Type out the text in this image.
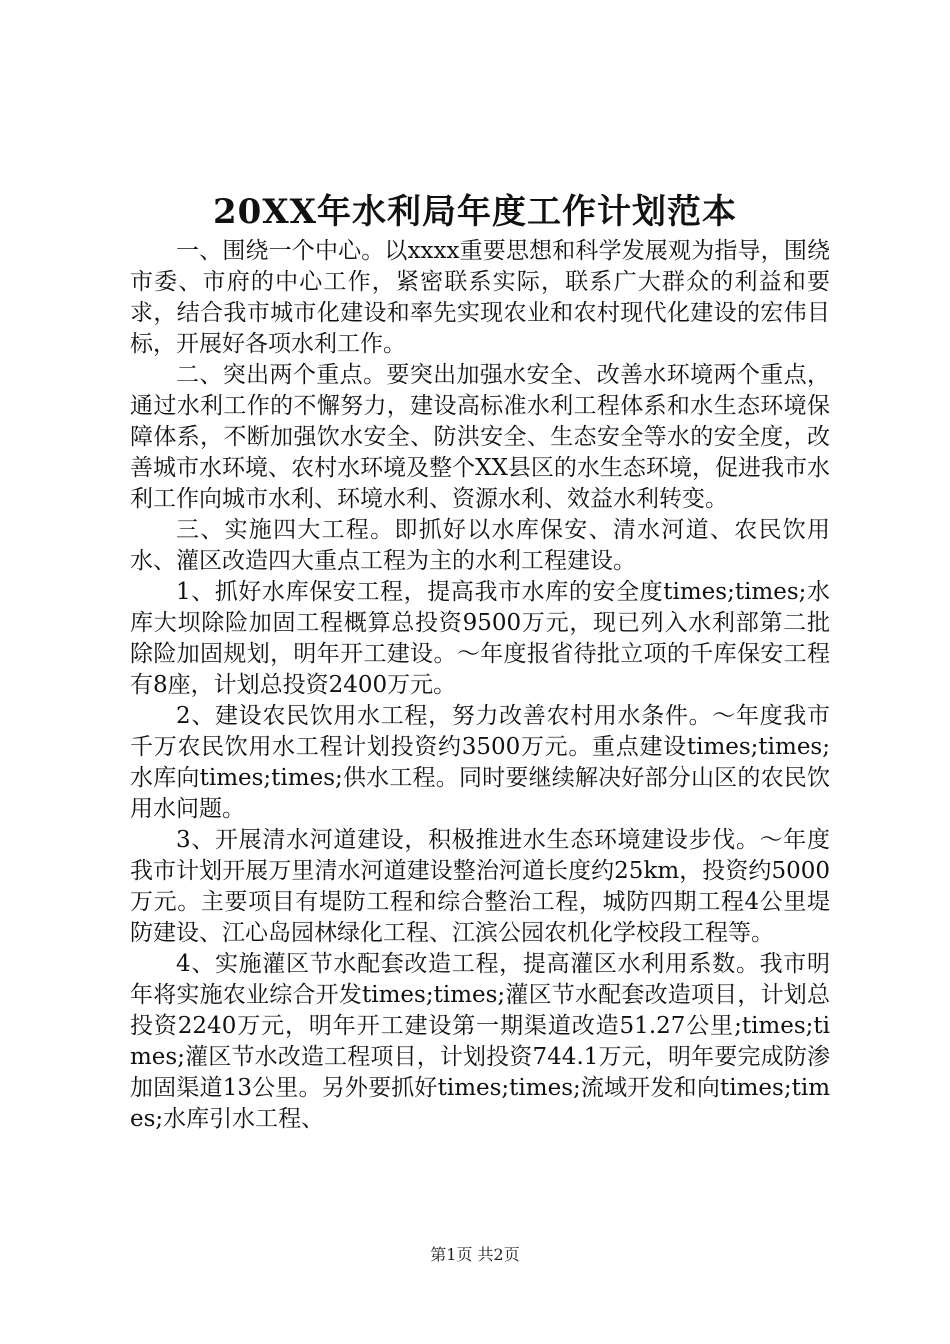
20XX年水利局年度工作计划范本

一、围绕一个中心。以xxxx重要思想和科学发展观为指导，围绕市委、市府的中心工作，紧密联系实际，联系广大群众的利益和要求，结合我市城市化建设和率先实现农业和农村现代化建设的宏伟目标，开展好各项水利工作。

二、突出两个重点。要突出加强水安全、改善水环境两个重点，通过水利工作的不懈努力，建设高标准水利工程体系和水生态环境保障体系，不断加强饮水安全、防洪安全、生态安全等水的安全度，改善城市水环境、农村水环境及整个XX县区的水生态环境，促进我市水利工作向城市水利、环境水利、资源水利、效益水利转变。

三、实施四大工程。即抓好以水库保安、清水河道、农民饮用水、灌区改造四大重点工程为主的水利工程建设。

1、抓好水库保安工程，提高我市水库的安全度times;times;水库大坝除险加固工程概算总投资9500万元，现已列入水利部第二批除险加固规划，明年开工建设。～年度报省待批立项的千库保安工程有8座，计划总投资2400万元。

2、建设农民饮用水工程，努力改善农村用水条件。～年度我市千万农民饮用水工程计划投资约3500万元。重点建设times;times;水库向times;times;供水工程。同时要继续解决好部分山区的农民饮用水问题。

3、开展清水河道建设，积极推进水生态环境建设步伐。～年度我市计划开展万里清水河道建设整治河道长度约25km，投资约5000万元。主要项目有堤防工程和综合整治工程，城防四期工程4公里堤防建设、江心岛园林绿化工程、江滨公园农机化学校段工程等。

4、实施灌区节水配套改造工程，提高灌区水利用系数。我市明年将实施农业综合开发times;times;灌区节水配套改造项目，计划总投资2240万元，明年开工建设第一期渠道改造51.27公里;times;times;灌区节水改造工程项目，计划投资744.1万元，明年要完成防渗加固渠道13公里。另外要抓好times;times;流域开发和向times;times;水库引水工程、

第1页 共2页
